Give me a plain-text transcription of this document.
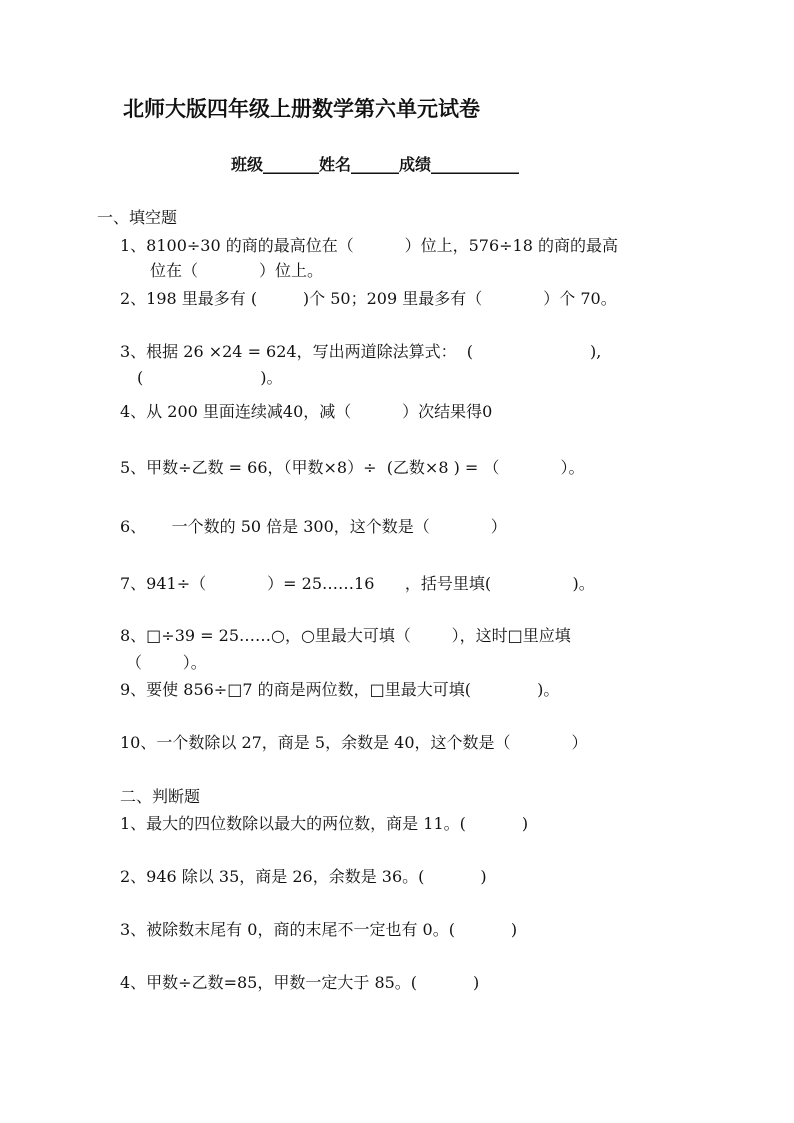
北师大版四年级上册数学第六单元试卷
班级_______姓名______成绩___________
一、填空题
1、8100÷30 的商的最高位在（          ）位上，576÷18 的商的最高
位在（            ）位上。
2、198 里最多有 (         )个 50；209 里最多有（            ）个 70。
3、根据 26 ×24 = 624，写出两道除法算式：  (                       ),
(                       )。
4、从 200 里面连续减40，减（          ）次结果得0
5、甲数÷乙数 = 66，（甲数×8）÷  (乙数×8 ) = （            ）。
6、     一个数的 50 倍是 300，这个数是（            ）
7、941÷（            ）= 25……16      ，括号里填(                )。
8、□÷39 = 25……○，○里最大可填（        ），这时□里应填
（        ）。
9、要使 856÷□7 的商是两位数，□里最大可填(             )。
10、一个数除以 27，商是 5，余数是 40，这个数是（            ）
二、判断题
1、最大的四位数除以最大的两位数，商是 11。(           )
2、946 除以 35，商是 26，余数是 36。(           )
3、被除数末尾有 0，商的末尾不一定也有 0。(           )
4、甲数÷乙数=85，甲数一定大于 85。(           )
